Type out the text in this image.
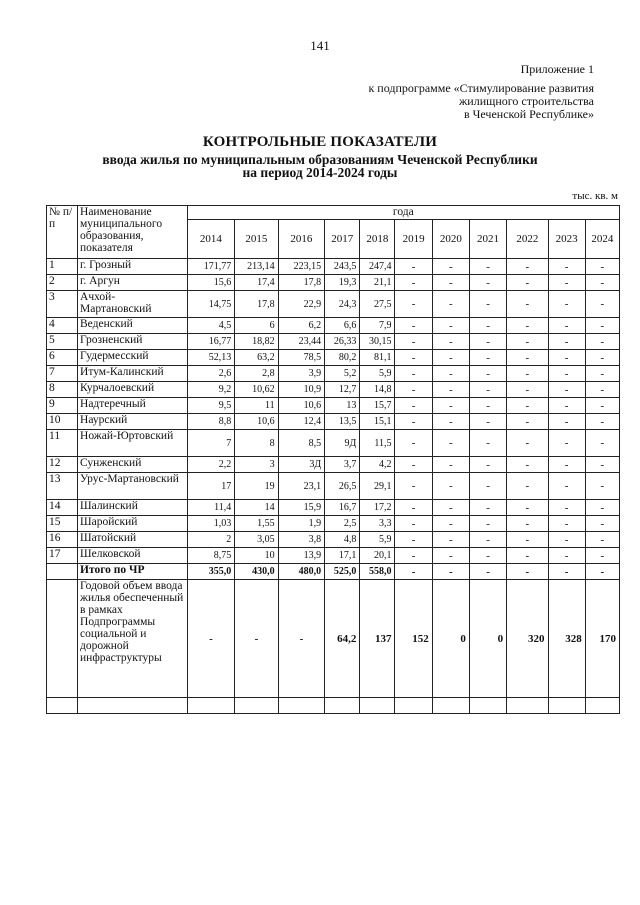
141
Приложение 1
к подпрограмме «Стимулирование развития
жилищного строительства
в Чеченской Республике»
КОНТРОЛЬНЫЕ ПОКАЗАТЕЛИ
ввода жилья по муниципальным образованиям Чеченской Республики
на период 2014-2024 годы
тыс. кв. м
№ п/п	Наименование муниципального образования, показателя	годa										
		2014	2015	2016	2017	2018	2019	2020	2021	2022	2023	2024
1	г. Грозный	171,77	213,14	223,15	243,5	247,4	-	-	-	-	-	-
2	г. Аргун	15,6	17,4	17,8	19,3	21,1	-	-	-	-	-	-
3	Ачхой-Мартановский	14,75	17,8	22,9	24,3	27,5	-	-	-	-	-	-
4	Веденский	4,5	6	6,2	6,6	7,9	-	-	-	-	-	-
5	Грозненский	16,77	18,82	23,44	26,33	30,15	-	-	-	-	-	-
6	Гудермесский	52,13	63,2	78,5	80,2	81,1	-	-	-	-	-	-
7	Итум-Калинский	2,6	2,8	3,9	5,2	5,9	-	-	-	-	-	-
8	Курчалоевский	9,2	10,62	10,9	12,7	14,8	-	-	-	-	-	-
9	Надтеречный	9,5	11	10,6	13	15,7	-	-	-	-	-	-
10	Наурский	8,8	10,6	12,4	13,5	15,1	-	-	-	-	-	-
11	Ножай-Юртовский	7	8	8,5	9Д	11,5	-	-	-	-	-	-
12	Сунженский	2,2	3	3Д	3,7	4,2	-	-	-	-	-	-
13	Урус-Мартановский	17	19	23,1	26,5	29,1	-	-	-	-	-	-
14	Шалинский	11,4	14	15,9	16,7	17,2	-	-	-	-	-	-
15	Шаройский	1,03	1,55	1,9	2,5	3,3	-	-	-	-	-	-
16	Шатойский	2	3,05	3,8	4,8	5,9	-	-	-	-	-	-
17	Шелковской	8,75	10	13,9	17,1	20,1	-	-	-	-	-	-
	Итого по ЧР	355,0	430,0	480,0	525,0	558,0	-	-	-	-	-	-
	Годовой объем ввода жилья обеспеченный в рамках Подпрограммы социальной и дорожной инфраструктуры	-	-	-	64,2	137	152	0	0	320	328	170
